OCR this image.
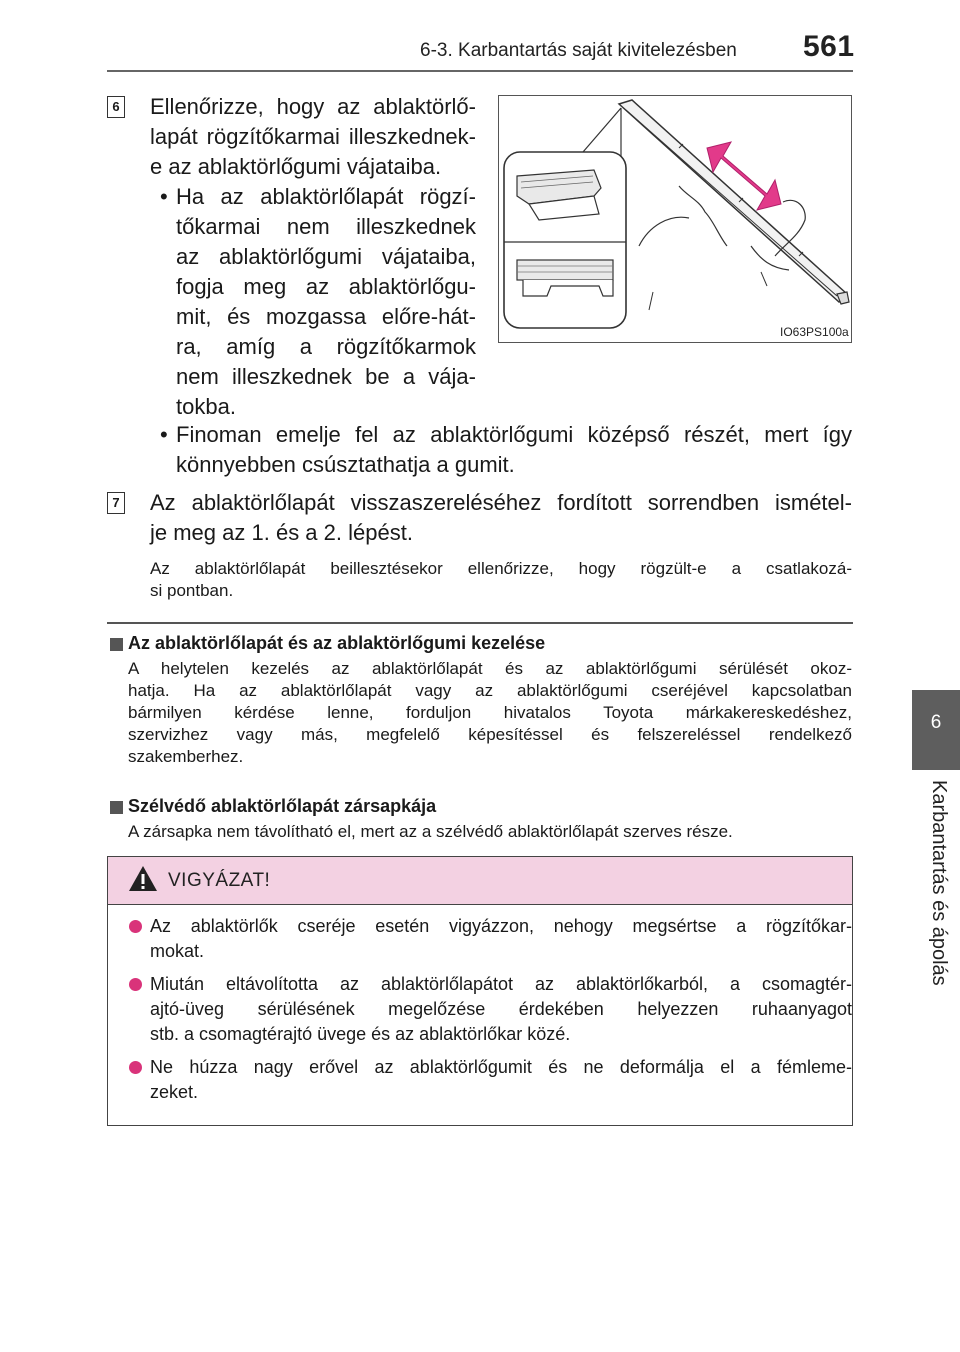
6-3. Karbantartás saját kivitelezésben 561
6
Karbantartás és ápolás
6 Ellenőrizze, hogy az ablaktörlő-
lapát rögzítőkarmai illeszkednek-
e az ablaktörlőgumi vájataiba.
• Ha az ablaktörlőlapát rögzí-
tőkarmai nem illeszkednek
az ablaktörlőgumi vájataiba,
fogja meg az ablaktörlőgu-
mit, és mozgassa előre-hát-
ra, amíg a rögzítőkarmok
nem illeszkednek be a vája-
tokba.
• Finoman emelje fel az ablaktörlőgumi középső részét, mert így
könnyebben csúsztathatja a gumit.
IO63PS100a
7 Az ablaktörlőlapát visszaszereléséhez fordított sorrendben ismétel-
je meg az 1. és a 2. lépést.
Az ablaktörlőlapát beillesztésekor ellenőrizze, hogy rögzült-e a csatlakozá-
si pontban.
Az ablaktörlőlapát és az ablaktörlőgumi kezelése
A helytelen kezelés az ablaktörlőlapát és az ablaktörlőgumi sérülését okoz-
hatja. Ha az ablaktörlőlapát vagy az ablaktörlőgumi cseréjével kapcsolatban
bármilyen kérdése lenne, forduljon hivatalos Toyota márkakereskedéshez,
szervizhez vagy más, megfelelő képesítéssel és felszereléssel rendelkező
szakemberhez.
Szélvédő ablaktörlőlapát zársapkája
A zársapka nem távolítható el, mert az a szélvédő ablaktörlőlapát szerves része.
VIGYÁZAT!
Az ablaktörlők cseréje esetén vigyázzon, nehogy megsértse a rögzítőkar-
mokat.
Miután eltávolította az ablaktörlőlapátot az ablaktörlőkarból, a csomagtér-
ajtó-üveg sérülésének megelőzése érdekében helyezzen ruhaanyagot
stb. a csomagtérajtó üvege és az ablaktörlőkar közé.
Ne húzza nagy erővel az ablaktörlőgumit és ne deformálja el a fémleme-
zeket.
